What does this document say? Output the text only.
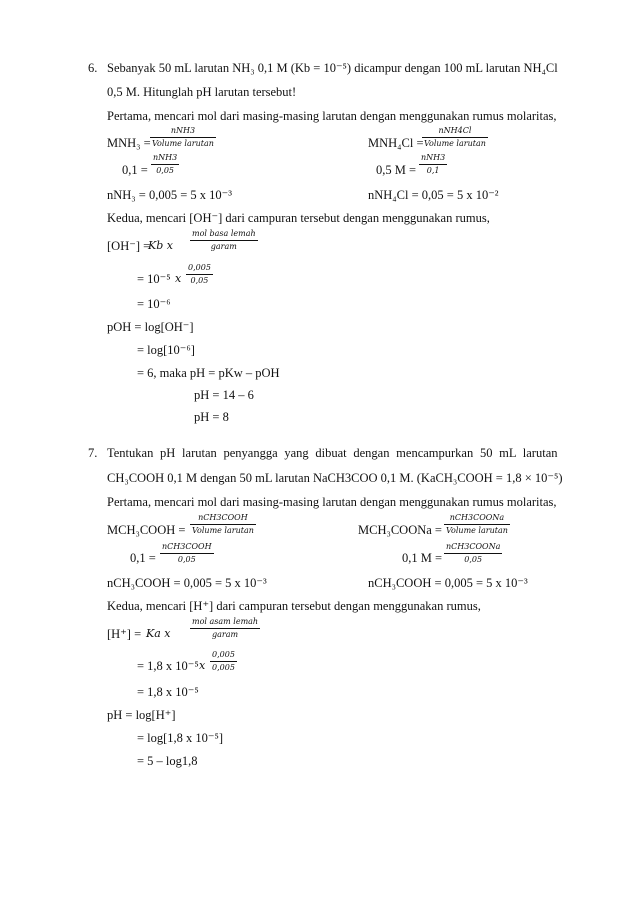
6. Sebanyak 50 mL larutan NH₃ 0,1 M (Kb = 10⁻⁵) dicampur dengan 100 mL larutan NH₄Cl
0,5 M. Hitunglah pH larutan tersebut!
Pertama, mencari mol dari masing-masing larutan dengan menggunakan rumus molaritas,
MNH₃ =
nNH3
Volume larutan	MNH₄Cl =
nNH4Cl
Volume larutan
0,1 =
nNH3
0,05	0,5 M =
nNH3
0,1
nNH₃ = 0,005 = 5 x 10⁻³	nNH₄Cl = 0,05 = 5 x 10⁻²
Kedua, mencari [OH⁻] dari campuran tersebut dengan menggunakan rumus,
[OH⁻] =
Kb x
mol basa lemah
garam
= 10⁻⁵ x $\frac{0,005}{0,05}$
= 10⁻⁶
pOH = log[OH⁻]
= log[10⁻⁶]
= 6, maka pH = pKw – pOH
pH = 14 – 6
pH = 8
7. Tentukan pH larutan penyangga yang dibuat dengan mencampurkan 50 mL larutan
CH₃COOH 0,1 M dengan 50 mL larutan NaCH3COO 0,1 M. (KaCH₃COOH = 1,8 × 10⁻⁵)
Pertama, mencari mol dari masing-masing larutan dengan menggunakan rumus molaritas,
MCH₃COOH =
nCH3COOH
Volume larutan	MCH₃COONa =
nCH3COONa
Volume larutan
0,1 =
nCH3COOH
0,05	0,1 M =
nCH3COONa
0,05
nCH₃COOH = 0,005 = 5 x 10⁻³	nCH₃COOH = 0,005 = 5 x 10⁻³
Kedua, mencari [H⁺] dari campuran tersebut dengan menggunakan rumus,
[H⁺] = Ka x
mol asam lemah
garam
= 1,8 x 10⁻⁵ x $\frac{0,005}{0,005}$
= 1,8 x 10⁻⁵
pH = log[H⁺]
= log[1,8 x 10⁻⁵]
= 5 – log1,8
